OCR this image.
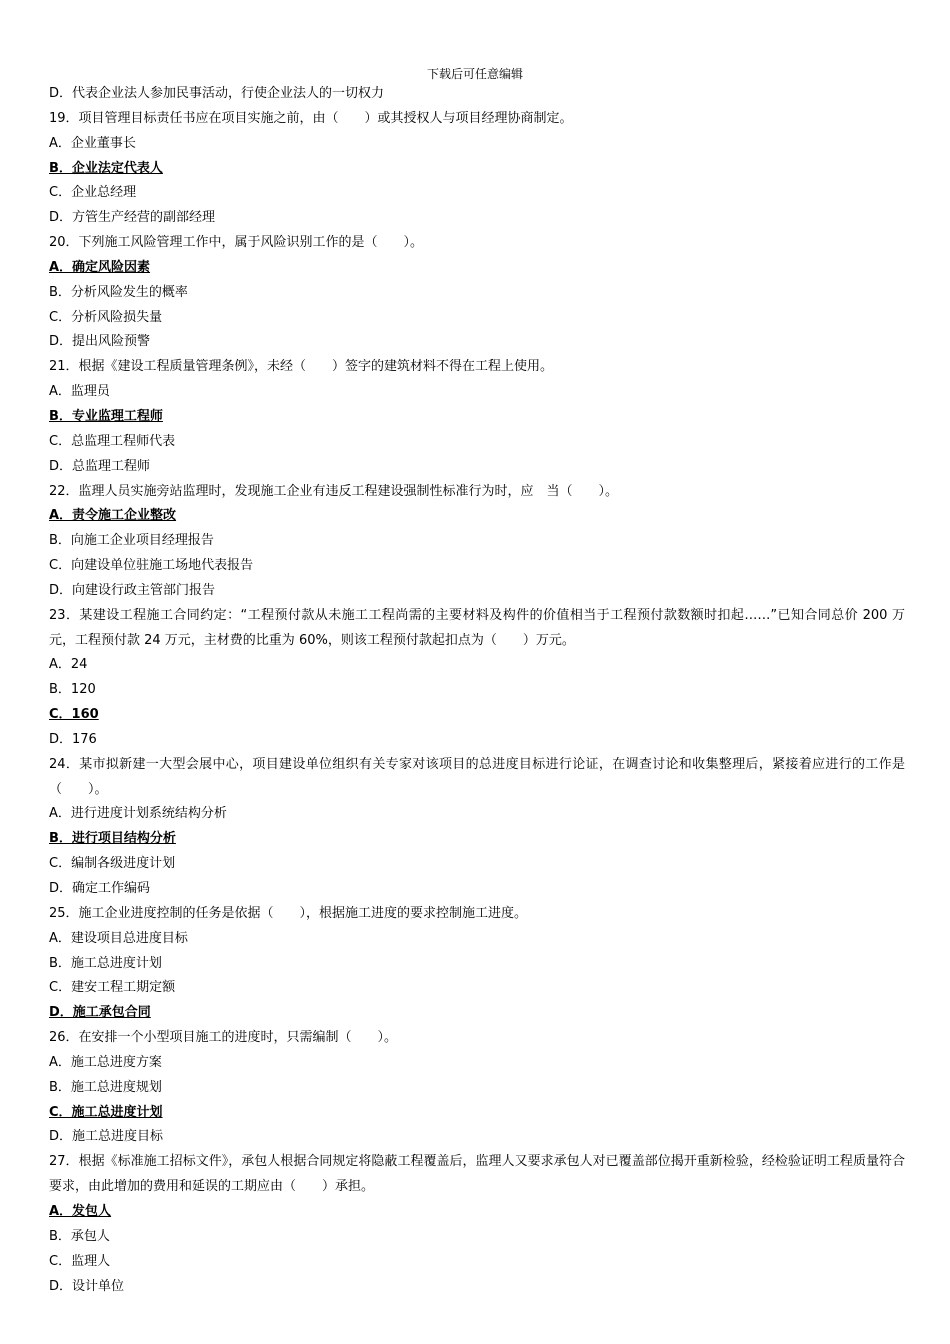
下载后可任意编辑
D．代表企业法人参加民事活动，行使企业法人的一切权力
19．项目管理目标责任书应在项目实施之前，由（　　）或其授权人与项目经理协商制定。
A．企业董事长
B．企业法定代表人
C．企业总经理
D．方管生产经营的副部经理
20．下列施工风险管理工作中，属于风险识别工作的是（　　）。
A．确定风险因素
B．分析风险发生的概率
C．分析风险损失量
D．提出风险预警
21．根据《建设工程质量管理条例》，未经（　　）签字的建筑材料不得在工程上使用。
A．监理员
B．专业监理工程师
C．总监理工程师代表
D．总监理工程师
22．监理人员实施旁站监理时，发现施工企业有违反工程建设强制性标准行为时，应　当（　　）。
A．责令施工企业整改
B．向施工企业项目经理报告
C．向建设单位驻施工场地代表报告
D．向建设行政主管部门报告
23．某建设工程施工合同约定：“工程预付款从未施工工程尚需的主要材料及构件的价值相当于工程预付款数额时扣起……”已知合同总价 200 万元，工程预付款 24 万元，主材费的比重为 60%，则该工程预付款起扣点为（　　）万元。
A．24
B．120
C．160
D．176
24．某市拟新建一大型会展中心，项目建设单位组织有关专家对该项目的总进度目标进行论证，在调查讨论和收集整理后，紧接着应进行的工作是（　　）。
A．进行进度计划系统结构分析
B．进行项目结构分析
C．编制各级进度计划
D．确定工作编码
25．施工企业进度控制的任务是依据（　　），根据施工进度的要求控制施工进度。
A．建设项目总进度目标
B．施工总进度计划
C．建安工程工期定额
D．施工承包合同
26．在安排一个小型项目施工的进度时，只需编制（　　）。
A．施工总进度方案
B．施工总进度规划
C．施工总进度计划
D．施工总进度目标
27．根据《标准施工招标文件》，承包人根据合同规定将隐蔽工程覆盖后，监理人又要求承包人对已覆盖部位揭开重新检验，经检验证明工程质量符合要求，由此增加的费用和延误的工期应由（　　）承担。
A．发包人
B．承包人
C．监理人
D．设计单位
